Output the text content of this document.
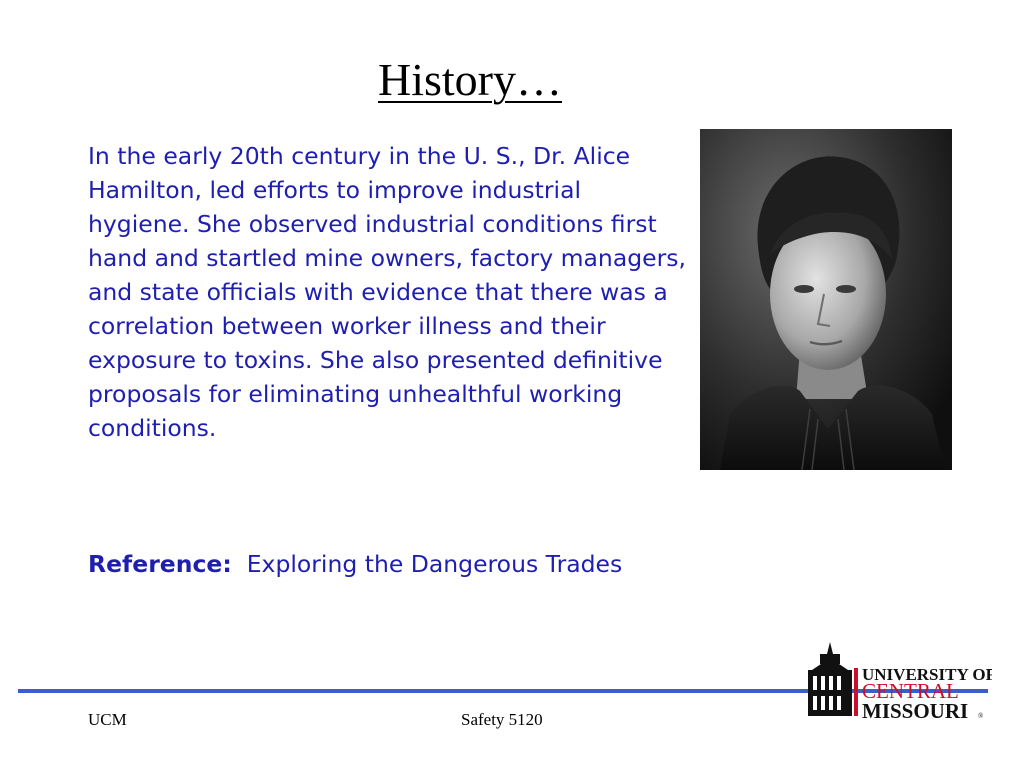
History…

In the early 20th century in the U. S., Dr. Alice Hamilton, led efforts to improve industrial hygiene. She observed industrial conditions first hand and startled mine owners, factory managers, and state officials with evidence that there was a correlation between worker illness and their exposure to toxins. She also presented definitive proposals for eliminating unhealthful working conditions.

Reference: Exploring the Dangerous Trades

UCM	Safety 5120
UNIVERSITY OF
CENTRAL
MISSOURI ®
